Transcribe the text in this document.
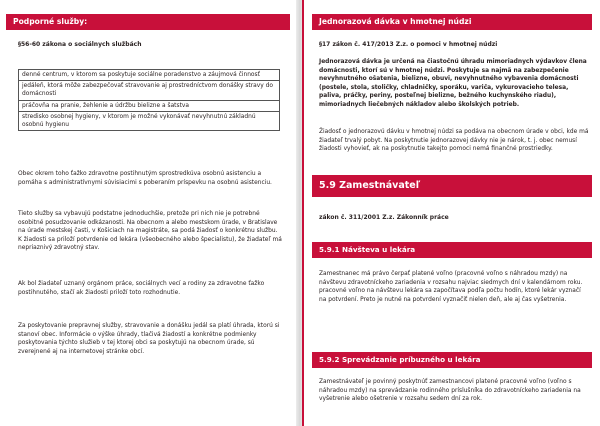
Podporné služby:
§56-60 zákona o sociálnych službách
denné centrum, v ktorom sa poskytuje sociálne poradenstvo a záujmová činnosť
jedáleň, ktorá môže zabezpečovať stravovanie aj prostredníctvom donášky stravy do domácnosti
práčovňa na pranie, žehlenie a údržbu bielizne a šatstva
stredisko osobnej hygieny, v ktorom je možné vykonávať nevyhnutnú základnú osobnú hygienu
Obec okrem toho ťažko zdravotne postihnutým sprostredkúva osobnú asistenciu a pomáha s administratívnymi súvisiacimi s poberaním príspevku na osobnú asistenciu.
Tieto služby sa vybavujú podstatne jednoduchšie, pretože pri nich nie je potrebné osobitné posudzovanie odkázanosti. Na obecnom a alebo mestskom úrade, v Bratislave na úrade mestskej časti, v Košiciach na magistráte, sa podá žiadosť o konkrétnu službu. K žiadosti sa priloží potvrdenie od lekára (všeobecného alebo špecialistu), že žiadateľ má nepriaznivý zdravotný stav.
Ak bol žiadateľ uznaný orgánom práce, sociálnych vecí a rodiny za zdravotne ťažko postihnutého, stačí ak žiadosti priloží toto rozhodnutie.
Za poskytovanie prepravnej služby, stravovanie a donášku jedál sa platí úhrada, ktorú si stanoví obec. Informácie o výške úhrady, tlačivá žiadostí a konkrétne podmienky poskytovania týchto služieb v tej ktorej obci sa poskytujú na obecnom úrade, sú zverejnené aj na internetovej stránke obcí.
Jednorazová dávka v hmotnej núdzi
§17 zákon č. 417/2013 Z.z. o pomoci v hmotnej núdzi
Jednorazová dávka je určená na čiastočnú úhradu mimoriadnych výdavkov člena domácnosti, ktorí sú v hmotnej núdzi. Poskytuje sa najmä na zabezpečenie nevyhnutného ošatenia, bielizne, obuvi, nevyhnutného vybavenia domácnosti (postele, stola, stoličky, chladničky, sporáku, variča, vykurovacieho telesa, paliva, práčky, periny, posteľnej bielizne, bežného kuchynského riadu), mimoriadnych liečebných nákladov alebo školských potrieb.
Žiadosť o jednorazovú dávku v hmotnej núdzi sa podáva na obecnom úrade v obci, kde má žiadateľ trvalý pobyt. Na poskytnutie jednorazovej dávky nie je nárok, t. j. obec nemusí žiadosti vyhovieť, ak na poskytnutie takejto pomoci nemá finančné prostriedky.
5.9 Zamestnávateľ
zákon č. 311/2001 Z.z. Zákonník práce
5.9.1 Návšteva u lekára
Zamestnanec má právo čerpať platené voľno (pracovné voľno s náhradou mzdy) na návštevu zdravotníckeho zariadenia v rozsahu najviac siedmych dní v kalendárnom roku. pracovné voľno na návštevu lekára sa započítava podľa počtu hodín, ktoré lekár vyznačí na potvrdení. Preto je nutné na potvrdení vyznačiť nielen deň, ale aj čas vyšetrenia.
5.9.2 Sprevádzanie príbuzného u lekára
Zamestnávateľ je povinný poskytnúť zamestnancovi platené pracovné voľno (voľno s náhradou mzdy) na sprevádzanie rodinného príslušníka do zdravotníckeho zariadenia na vyšetrenie alebo ošetrenie v rozsahu sedem dní za rok.
